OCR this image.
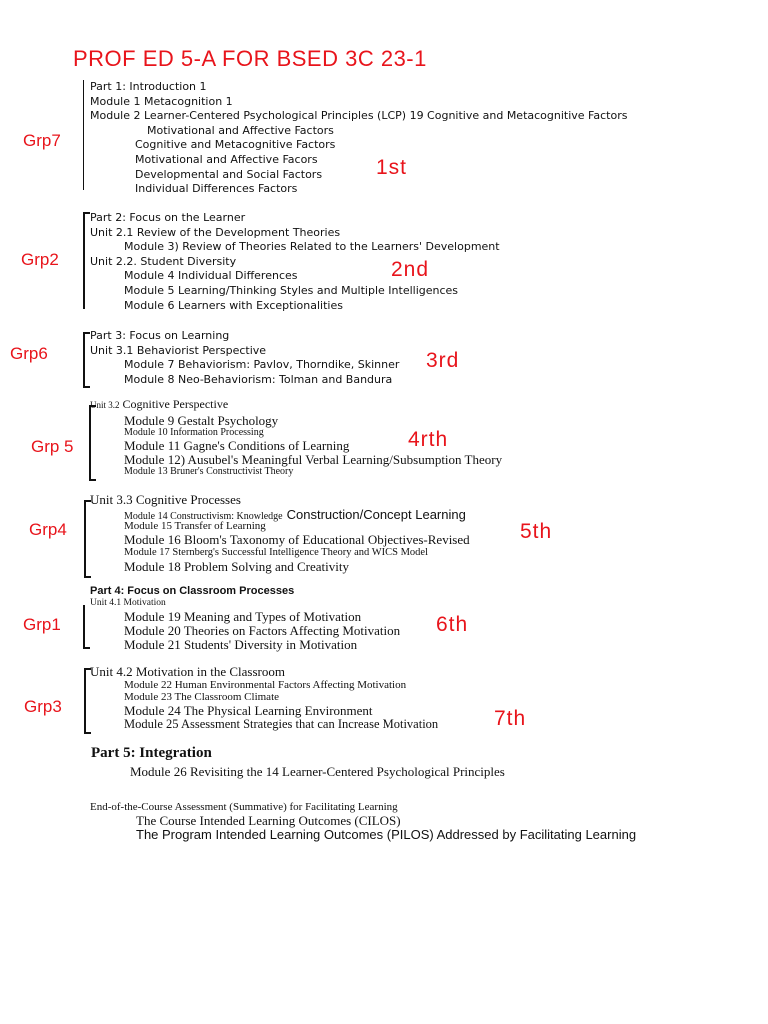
PROF ED 5-A FOR BSED 3C 23-1
Grp7
Part 1: Introduction 1
Module 1 Metacognition 1
Module 2 Learner-Centered Psychological Principles (LCP) 19 Cognitive and Metacognitive Factors
Motivational and Affective Factors
Cognitive and Metacognitive Factors
Motivational and Affective Facors
Developmental and Social Factors
Individual Differences Factors
1st
Grp2
Part 2: Focus on the Learner
Unit 2.1 Review of the Development Theories
Module 3) Review of Theories Related to the Learners' Development
Unit 2.2. Student Diversity
Module 4 Individual Differences
Module 5 Learning/Thinking Styles and Multiple Intelligences
Module 6 Learners with Exceptionalities
2nd
Grp6
Part 3: Focus on Learning
Unit 3.1 Behaviorist Perspective
Module 7 Behaviorism: Pavlov, Thorndike, Skinner
Module 8 Neo-Behaviorism: Tolman and Bandura
3rd
Grp 5
Unit 3.2 Cognitive Perspective
Module 9 Gestalt Psychology
Module 10 Information Processing
Module 11 Gagne's Conditions of Learning
Module 12) Ausubel's Meaningful Verbal Learning/Subsumption Theory
Module 13 Bruner's Constructivist Theory
4rth
Grp4
Unit 3.3 Cognitive Processes
Module 14 Constructivism: Knowledge Construction/Concept Learning
Module 15 Transfer of Learning
Module 16 Bloom's Taxonomy of Educational Objectives-Revised
Module 17 Sternberg's Successful Intelligence Theory and WICS Model
Module 18 Problem Solving and Creativity
5th
Part 4: Focus on Classroom Processes
Unit 4.1 Motivation
Grp1	Module 19 Meaning and Types of Motivation
Module 20 Theories on Factors Affecting Motivation
Module 21 Students' Diversity in Motivation
6th
Grp3
Unit 4.2 Motivation in the Classroom
Module 22 Human Environmental Factors Affecting Motivation
Module 23 The Classroom Climate
Module 24 The Physical Learning Environment
Module 25 Assessment Strategies that can Increase Motivation	7th
Part 5: Integration
Module 26 Revisiting the 14 Learner-Centered Psychological Principles
End-of-the-Course Assessment (Summative) for Facilitating Learning
The Course Intended Learning Outcomes (CILOS)
The Program Intended Learning Outcomes (PILOS) Addressed by Facilitating Learning
